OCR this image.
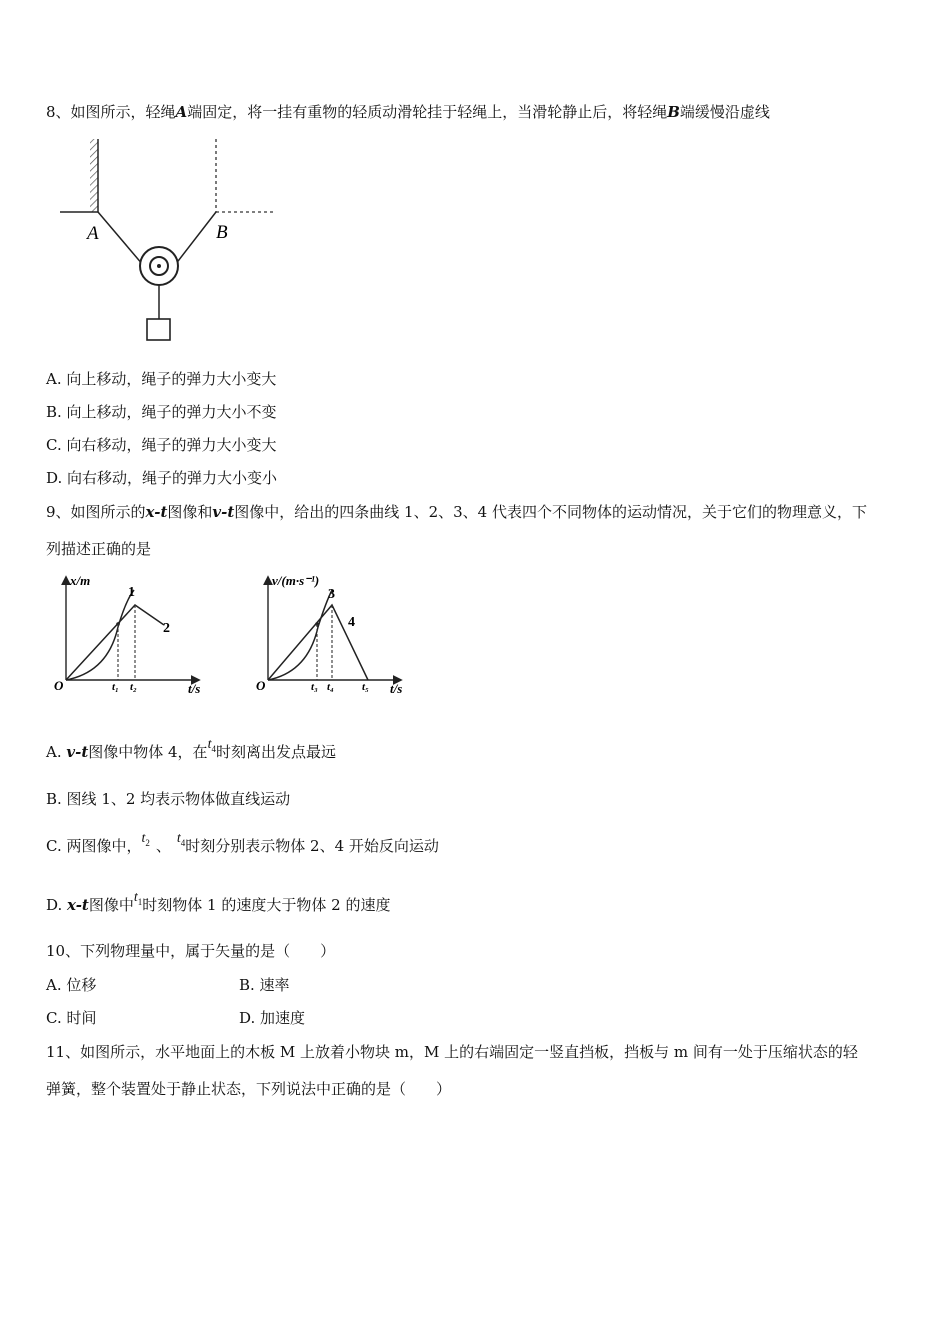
8、如图所示，轻绳A端固定，将一挂有重物的轻质动滑轮挂于轻绳上，当滑轮静止后，将轻绳B端缓慢沿虚线
A	B
A. 向上移动，绳子的弹力大小变大
B. 向上移动，绳子的弹力大小不变
C. 向右移动，绳子的弹力大小变大
D. 向右移动，绳子的弹力大小变小
9、如图所示的x-t图像和v-t图像中，给出的四条曲线 1、2、3、4 代表四个不同物体的运动情况，关于它们的物理意义，下
列描述正确的是
x/m
t/s
O
1
2
t₁ t₂
v/(m·s⁻¹)
t/s
O
3
4
t₃ t₄	t₅
A. v-t图像中物体 4，在$t_4$时刻离出发点最远
B. 图线 1、2 均表示物体做直线运动
C. 两图像中，$t_2$ 、 $t_4$时刻分别表示物体 2、4 开始反向运动
D. x-t图像中$t_1$时刻物体 1 的速度大于物体 2 的速度
10、下列物理量中，属于矢量的是（　　）
A. 位移	B. 速率
C. 时间	D. 加速度
11、如图所示，水平地面上的木板 M 上放着小物块 m，M 上的右端固定一竖直挡板，挡板与 m 间有一处于压缩状态的轻
弹簧，整个装置处于静止状态，下列说法中正确的是（　　）
